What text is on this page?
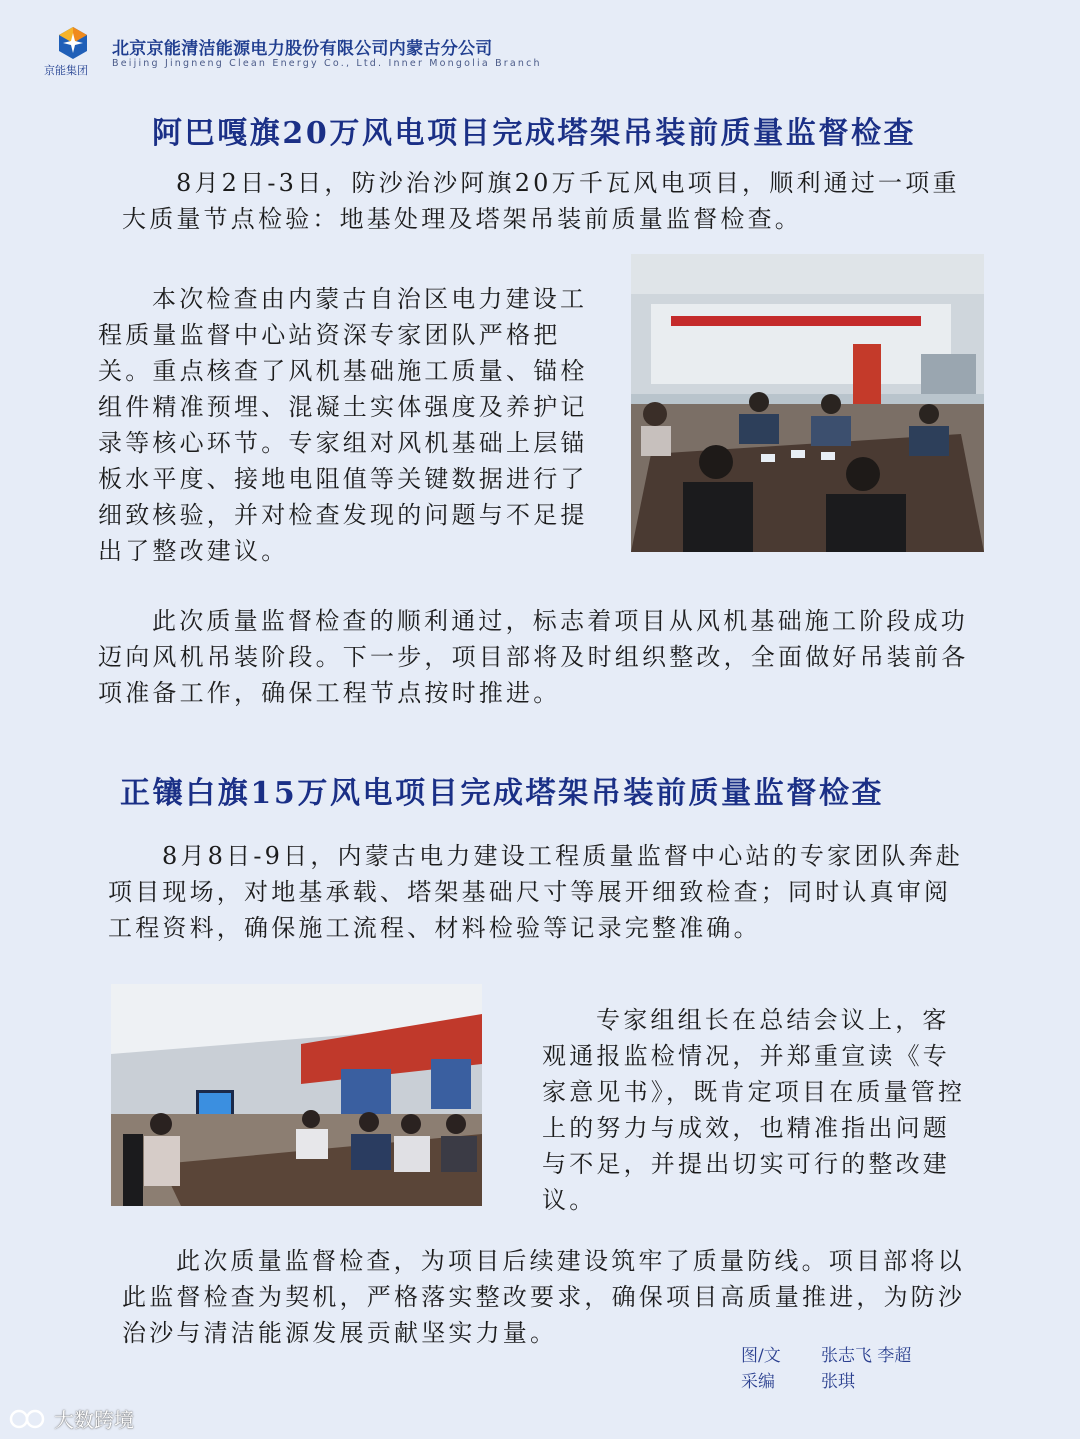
京能集团
北京京能清洁能源电力股份有限公司内蒙古分公司
Beijing Jingneng Clean Energy Co., Ltd. Inner Mongolia Branch
阿巴嘎旗20万风电项目完成塔架吊装前质量监督检查

8月2日-3日，防沙治沙阿旗20万千瓦风电项目，顺利通过一项重大质量节点检验：地基处理及塔架吊装前质量监督检查。

本次检查由内蒙古自治区电力建设工程质量监督中心站资深专家团队严格把关。重点核查了风机基础施工质量、锚栓组件精准预埋、混凝土实体强度及养护记录等核心环节。专家组对风机基础上层锚板水平度、接地电阻值等关键数据进行了细致核验，并对检查发现的问题与不足提出了整改建议。

此次质量监督检查的顺利通过，标志着项目从风机基础施工阶段成功迈向风机吊装阶段。下一步，项目部将及时组织整改，全面做好吊装前各项准备工作，确保工程节点按时推进。

正镶白旗15万风电项目完成塔架吊装前质量监督检查

8月8日-9日，内蒙古电力建设工程质量监督中心站的专家团队奔赴项目现场，对地基承载、塔架基础尺寸等展开细致检查；同时认真审阅工程资料，确保施工流程、材料检验等记录完整准确。

专家组组长在总结会议上，客观通报监检情况，并郑重宣读《专家意见书》，既肯定项目在质量管控上的努力与成效，也精准指出问题与不足，并提出切实可行的整改建议。

此次质量监督检查，为项目后续建设筑牢了质量防线。项目部将以此监督检查为契机，严格落实整改要求，确保项目高质量推进，为防沙治沙与清洁能源发展贡献坚实力量。

图/文	张志飞 李超
采编	张琪
大数跨境
